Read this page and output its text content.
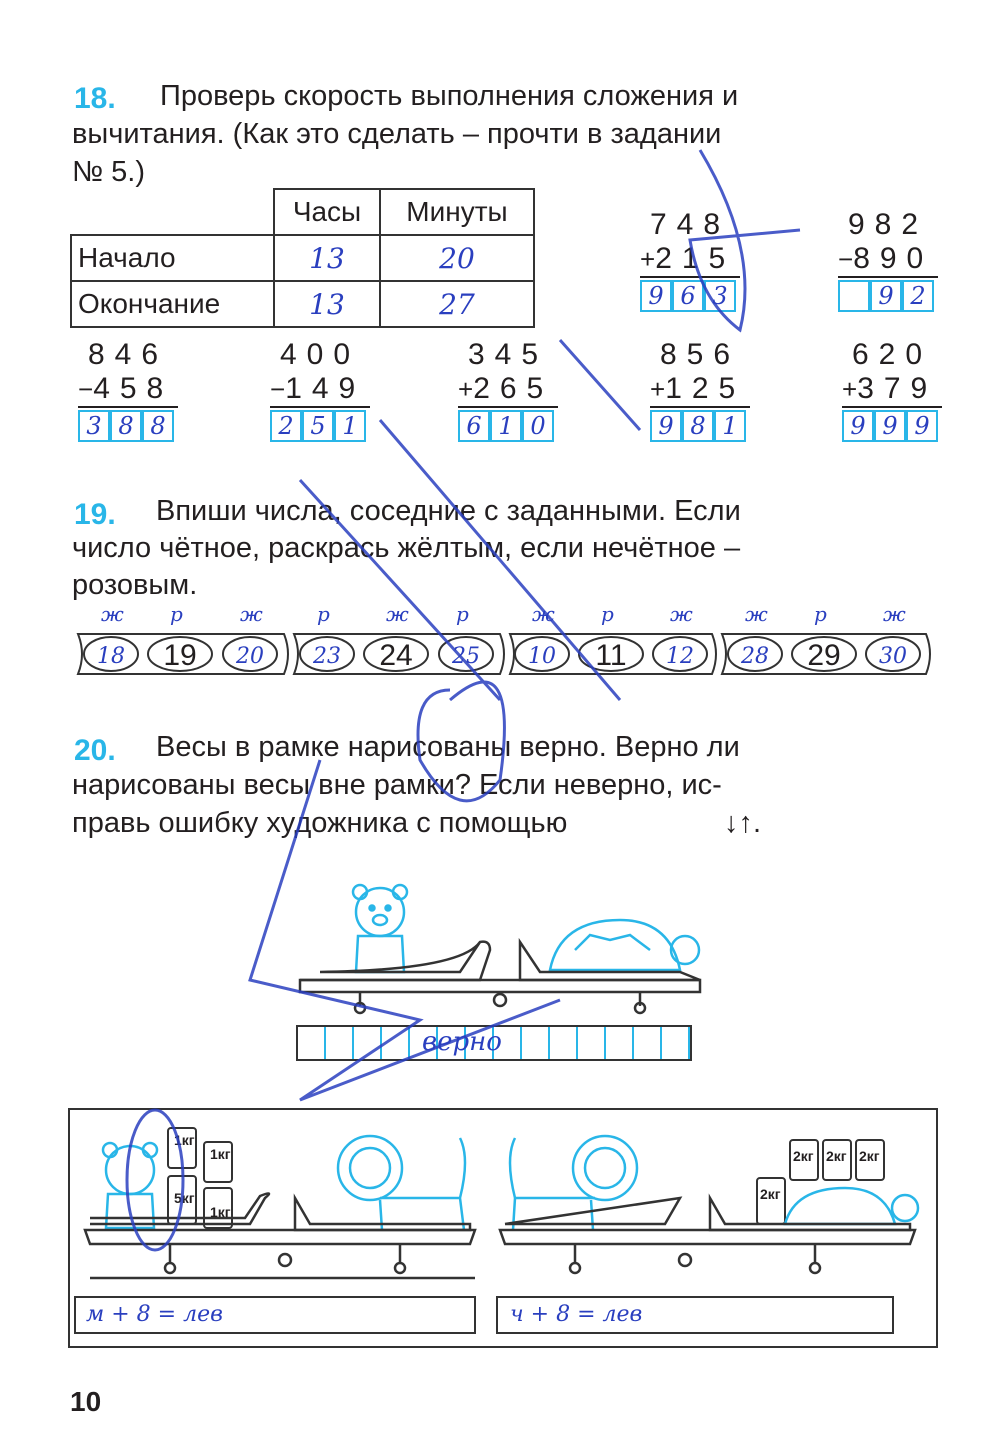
18. Проверь скорость выполнения сложения и
вычитания. (Как это сделать – прочти в задании
№ 5.)
	Часы	Минуты
Начало	13	20
Окончание	13	27
748
+ 215
9 6 3
982
− 890
9 2
846
− 458
3 8 8
400
− 149
2 5 1
345
+ 265
6 1 0
856
+ 125
9 8 1
620
+ 379
9 9 9
19. Впиши числа, соседние с заданными. Если
число чётное, раскрась жёлтым, если нечётное –
розовым.
18
ж
19
р
20
ж
23
р
24
ж
25
р
10
ж
11
р
12
ж
28
ж
29
р
30
ж
20. Весы в рамке нарисованы верно. Верно ли
нарисованы весы вне рамки? Если неверно, ис-
правь ошибку художника с помощью	↓↑.
верно
1кг
1кг
5кг
1кг
2кг 2кг 2кг
2кг
м + 8 = лев	ч + 8 = лев
10
